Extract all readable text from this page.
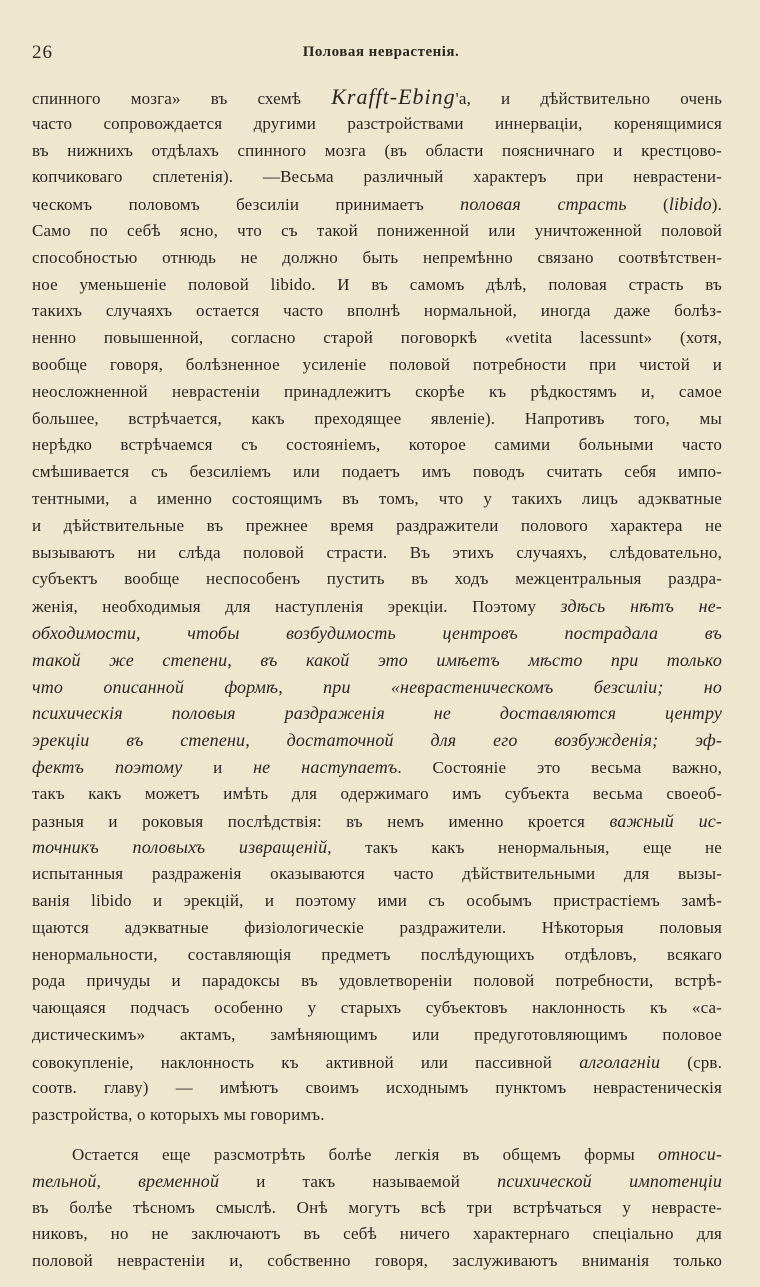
26	Половая неврастенія.
спинного мозга» въ схемѣ Krafft-Ebing'а, и дѣйствительно очень
часто сопровождается другими разстройствами иннерваціи, коренящимися
въ нижнихъ отдѣлахъ спинного мозга (въ области поясничнаго и крестцово-
копчиковаго сплетенія). —Весьма различный характеръ при неврастени-
ческомъ половомъ безсиліи принимаетъ половая страсть (libido).
Само по себѣ ясно, что съ такой пониженной или уничтоженной половой
способностью отнюдь не должно быть непремѣнно связано соотвѣтствен-
ное уменьшеніе половой libido. И въ самомъ дѣлѣ, половая страсть въ
такихъ случаяхъ остается часто вполнѣ нормальной, иногда даже болѣз-
ненно повышенной, согласно старой поговоркѣ «vetita lacessunt» (хотя,
вообще говоря, болѣзненное усиленіе половой потребности при чистой и
неосложненной неврастеніи принадлежитъ скорѣе къ рѣдкостямъ и, самое
большее, встрѣчается, какъ преходящее явленіе). Напротивъ того, мы
нерѣдко встрѣчаемся съ состояніемъ, которое самими больными часто
смѣшивается съ безсиліемъ или подаетъ имъ поводъ считать себя импо-
тентными, а именно состоящимъ въ томъ, что у такихъ лицъ адэкватные
и дѣйствительные въ прежнее время раздражители полового характера не
вызываютъ ни слѣда половой страсти. Въ этихъ случаяхъ, слѣдовательно,
субъектъ вообще неспособенъ пустить въ ходъ межцентральныя раздра-
женія, необходимыя для наступленія эрекціи. Поэтому здѣсь нѣтъ не-
обходимости, чтобы возбудимость центровъ пострадала въ
такой же степени, въ какой это имѣетъ мѣсто при только
что описанной формѣ, при «неврастеническомъ безсиліи; но
психическія половыя раздраженія не доставляются центру
эрекціи въ степени, достаточной для его возбужденія; эф-
фектъ поэтому и не наступаетъ. Состояніе это весьма важно,
такъ какъ можетъ имѣть для одержимаго имъ субъекта весьма своеоб-
разныя и роковыя послѣдствія: въ немъ именно кроется важный ис-
точникъ половыхъ извращеній, такъ какъ ненормальныя, еще не
испытанныя раздраженія оказываются часто дѣйствительными для вызы-
ванія libido и эрекцій, и поэтому ими съ особымъ пристрастіемъ замѣ-
щаются адэкватные физіологическіе раздражители. Нѣкоторыя половыя
ненормальности, составляющія предметъ послѣдующихъ отдѣловъ, всякаго
рода причуды и парадоксы въ удовлетвореніи половой потребности, встрѣ-
чающаяся подчасъ особенно у старыхъ субъектовъ наклонность къ «са-
дистическимъ» актамъ, замѣняющимъ или предуготовляющимъ половое
совокупленіе, наклонность къ активной или пассивной алголагніи (срв.
соотв. главу) — имѣютъ своимъ исходнымъ пунктомъ неврастеническія
разстройства, о которыхъ мы говоримъ.
Остается еще разсмотрѣть болѣе легкія въ общемъ формы относи-
тельной, временной и такъ называемой психической импотенціи
въ болѣе тѣсномъ смыслѣ. Онѣ могутъ всѣ три встрѣчаться у неврасте-
никовъ, но не заключаютъ въ себѣ ничего характернаго спеціально для
половой неврастеніи и, собственно говоря, заслуживаютъ вниманія только
